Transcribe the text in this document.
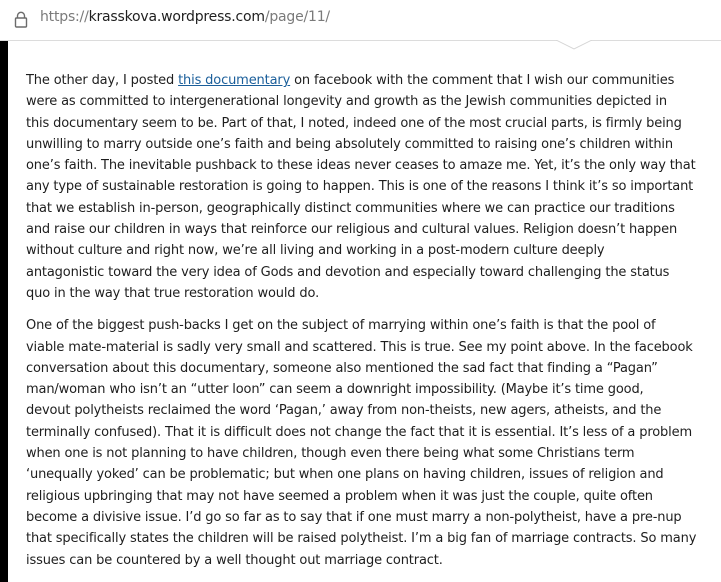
https://krasskova.wordpress.com/page/11/

The other day, I posted this documentary on facebook with the comment that I wish our communities
were as committed to intergenerational longevity and growth as the Jewish communities depicted in
this documentary seem to be. Part of that, I noted, indeed one of the most crucial parts, is firmly being
unwilling to marry outside one’s faith and being absolutely committed to raising one’s children within
one’s faith. The inevitable pushback to these ideas never ceases to amaze me. Yet, it’s the only way that
any type of sustainable restoration is going to happen. This is one of the reasons I think it’s so important
that we establish in-person, geographically distinct communities where we can practice our traditions
and raise our children in ways that reinforce our religious and cultural values. Religion doesn’t happen
without culture and right now, we’re all living and working in a post-modern culture deeply
antagonistic toward the very idea of Gods and devotion and especially toward challenging the status
quo in the way that true restoration would do.

One of the biggest push-backs I get on the subject of marrying within one’s faith is that the pool of
viable mate-material is sadly very small and scattered. This is true. See my point above. In the facebook
conversation about this documentary, someone also mentioned the sad fact that finding a “Pagan”
man/woman who isn’t an “utter loon” can seem a downright impossibility. (Maybe it’s time good,
devout polytheists reclaimed the word ‘Pagan,’ away from non-theists, new agers, atheists, and the
terminally confused). That it is difficult does not change the fact that it is essential. It’s less of a problem
when one is not planning to have children, though even there being what some Christians term
‘unequally yoked’ can be problematic; but when one plans on having children, issues of religion and
religious upbringing that may not have seemed a problem when it was just the couple, quite often
become a divisive issue. I’d go so far as to say that if one must marry a non-polytheist, have a pre-nup
that specifically states the children will be raised polytheist. I’m a big fan of marriage contracts. So many
issues can be countered by a well thought out marriage contract.
